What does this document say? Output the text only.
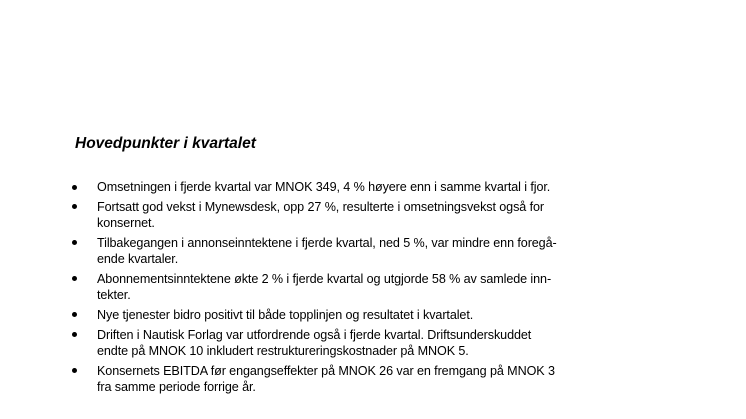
Hovedpunkter i kvartalet
Omsetningen i fjerde kvartal var MNOK 349, 4 % høyere enn i samme kvartal i fjor.
Fortsatt god vekst i Mynewsdesk, opp 27 %, resulterte i omsetningsvekst også for
konsernet.
Tilbakegangen i annonseinntektene i fjerde kvartal, ned 5 %, var mindre enn foregå-
ende kvartaler.
Abonnementsinntektene økte 2 % i fjerde kvartal og utgjorde 58 % av samlede inn-
tekter.
Nye tjenester bidro positivt til både topplinjen og resultatet i kvartalet.
Driften i Nautisk Forlag var utfordrende også i fjerde kvartal. Driftsunderskuddet
endte på MNOK 10 inkludert restruktureringskostnader på MNOK 5.
Konsernets EBITDA før engangseffekter på MNOK 26 var en fremgang på MNOK 3
fra samme periode forrige år.
